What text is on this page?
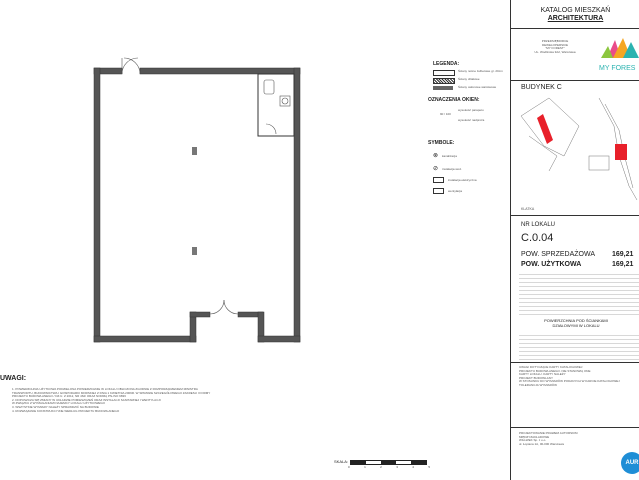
LEGENDA:
Ściany nośne żelbetowe gr. 20cm
Ściany działowe
Ściany osłonowe warstwowe
OZNACZENIA OKIEN:
90 / 100
wysokość parapetu
wysokość nadproża
SYMBOLE:
⊗ kanalizacja
⊘ instalacja wod.
instalacja elektryczna
wentylacja
UWAGI:
1. POWIERZCHNIA UŻYTKOWA PODZIELONA POWIERZCHNIE W LOKALU OBLICZONA ZGODNIE Z ROZPORZĄDZENIEM MINISTRA
TRANSPORTU, BUDOWNICTWA I GOSPODARKI MORSKIEJ Z DNIA 1 KWIETNIA 2009R. W SPRAWIE SZCZEGÓŁOWEGO ZAKRESU I FORMY
PROJEKTU BUDOWLANEGO / DZ.U. Z 2012, NR 462/ ORAZ NORMĄ PN-ISO 9836
2. DOPUSZCZA SIĘ ZMIANY W UKŁADZIE POMIESZCZEŃ ORAZ INSTALACJI SANITARNEJ I WENTYLACJI
W ZWIĄZKU Z WYMAGANIAMI NAJEMCY LOKALU UŻYTKOWEGO
3. WSZYSTKIE WYMIARY NALEŻY SPRAWDZIĆ NA BUDOWIE
4. ROZWIĄZANIE KONSTRUKCYJNE WEDŁUG PROJEKTU BUDOWLANEGO
SKALA:
0	1	2	3	4	5
KATALOG MIESZKAŃ
ARCHITEKTURA
PRZEDSIĘBIORCE
DEWELOPERSKIE
"MY FOREST"
UL. Wodlinska 3A2, Warszawa
MY FORES
BUDYNEK C
KLATKA
NR LOKALU
C.0.04
POW. SPRZEDAŻOWA 169,21
POW. UŻYTKOWA	169,21
POWIERZCHNIA POD ŚCIANKAMI
DZIAŁOWYMI W LOKALU
UWAGI DOTYCZĄCE KARTY KATALOGOWEJ
PROJEKTU BUDOWLANEGO. NIE STANOWIĄ ONE
KARTY LOKALU. KARTY NALEŻY
PROJEKT BUDOWLANY
W STOSUNKU DO WYMIARÓW PODANYCH W KARCIE KATALOGOWEJ
TOLERANCJA WYMIARÓW
PROJEKTOWANIE PRAWEM AUTORSKIM
MIĘDZYZAKŁADOWE
WILLWEK Sp. z o.o.
ul. Łopiana 1A, 00-000 Warszawa
AUR
